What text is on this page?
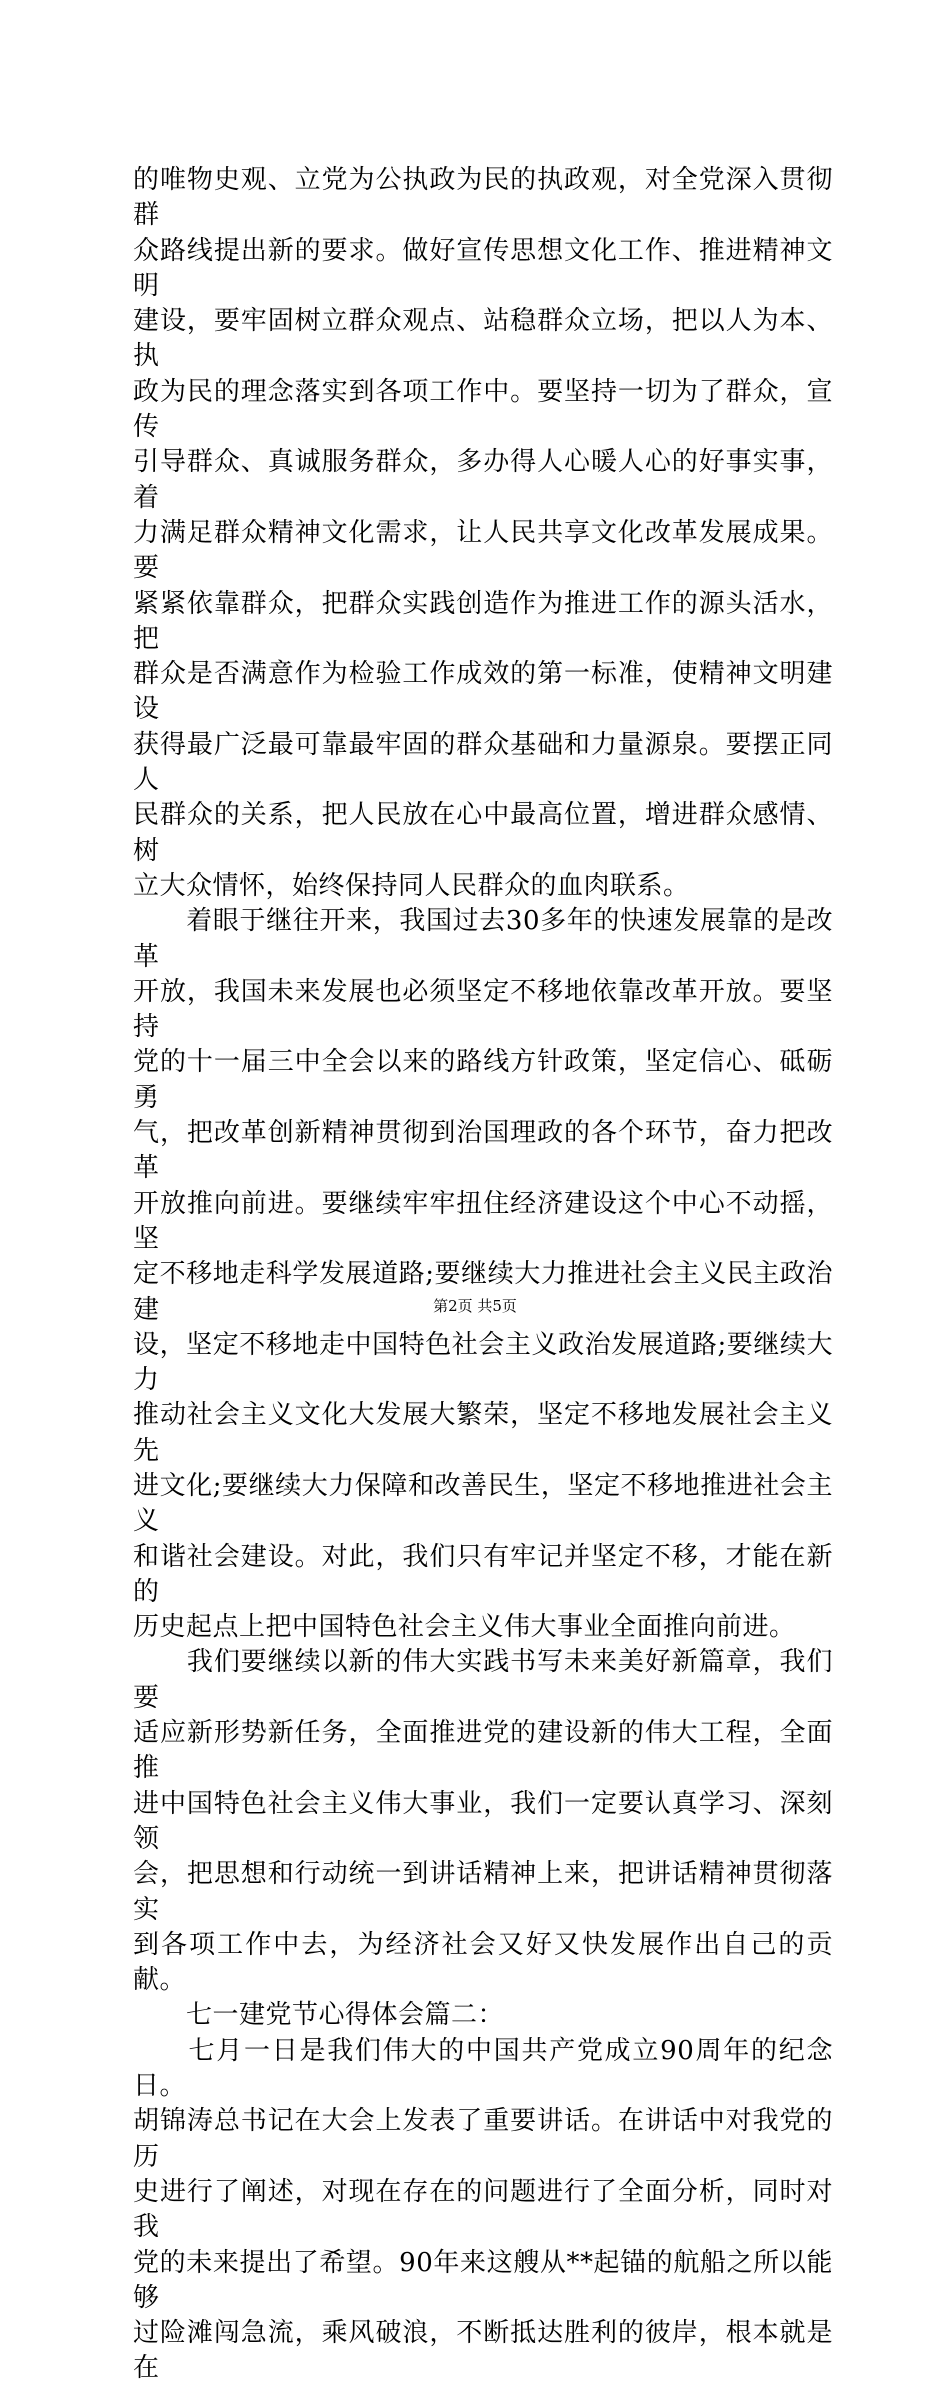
的唯物史观、立党为公执政为民的执政观，对全党深入贯彻群
众路线提出新的要求。做好宣传思想文化工作、推进精神文明
建设，要牢固树立群众观点、站稳群众立场，把以人为本、执
政为民的理念落实到各项工作中。要坚持一切为了群众，宣传
引导群众、真诚服务群众，多办得人心暖人心的好事实事，着
力满足群众精神文化需求，让人民共享文化改革发展成果。要
紧紧依靠群众，把群众实践创造作为推进工作的源头活水，把
群众是否满意作为检验工作成效的第一标准，使精神文明建设
获得最广泛最可靠最牢固的群众基础和力量源泉。要摆正同人
民群众的关系，把人民放在心中最高位置，增进群众感情、树
立大众情怀，始终保持同人民群众的血肉联系。

　　着眼于继往开来，我国过去30多年的快速发展靠的是改革
开放，我国未来发展也必须坚定不移地依靠改革开放。要坚持
党的十一届三中全会以来的路线方针政策，坚定信心、砥砺勇
气，把改革创新精神贯彻到治国理政的各个环节，奋力把改革
开放推向前进。要继续牢牢扭住经济建设这个中心不动摇，坚
定不移地走科学发展道路;要继续大力推进社会主义民主政治建
设，坚定不移地走中国特色社会主义政治发展道路;要继续大力
推动社会主义文化大发展大繁荣，坚定不移地发展社会主义先
进文化;要继续大力保障和改善民生，坚定不移地推进社会主义
和谐社会建设。对此，我们只有牢记并坚定不移，才能在新的
历史起点上把中国特色社会主义伟大事业全面推向前进。

　　我们要继续以新的伟大实践书写未来美好新篇章，我们要
适应新形势新任务，全面推进党的建设新的伟大工程，全面推
进中国特色社会主义伟大事业，我们一定要认真学习、深刻领
会，把思想和行动统一到讲话精神上来，把讲话精神贯彻落实
到各项工作中去，为经济社会又好又快发展作出自己的贡献。

　　七一建党节心得体会篇二：

　　七月一日是我们伟大的中国共产党成立90周年的纪念日。
胡锦涛总书记在大会上发表了重要讲话。在讲话中对我党的历
史进行了阐述，对现在存在的问题进行了全面分析，同时对我
党的未来提出了希望。90年来这艘从**起锚的航船之所以能够
过险滩闯急流，乘风破浪，不断抵达胜利的彼岸，根本就是在

第2页 共5页
